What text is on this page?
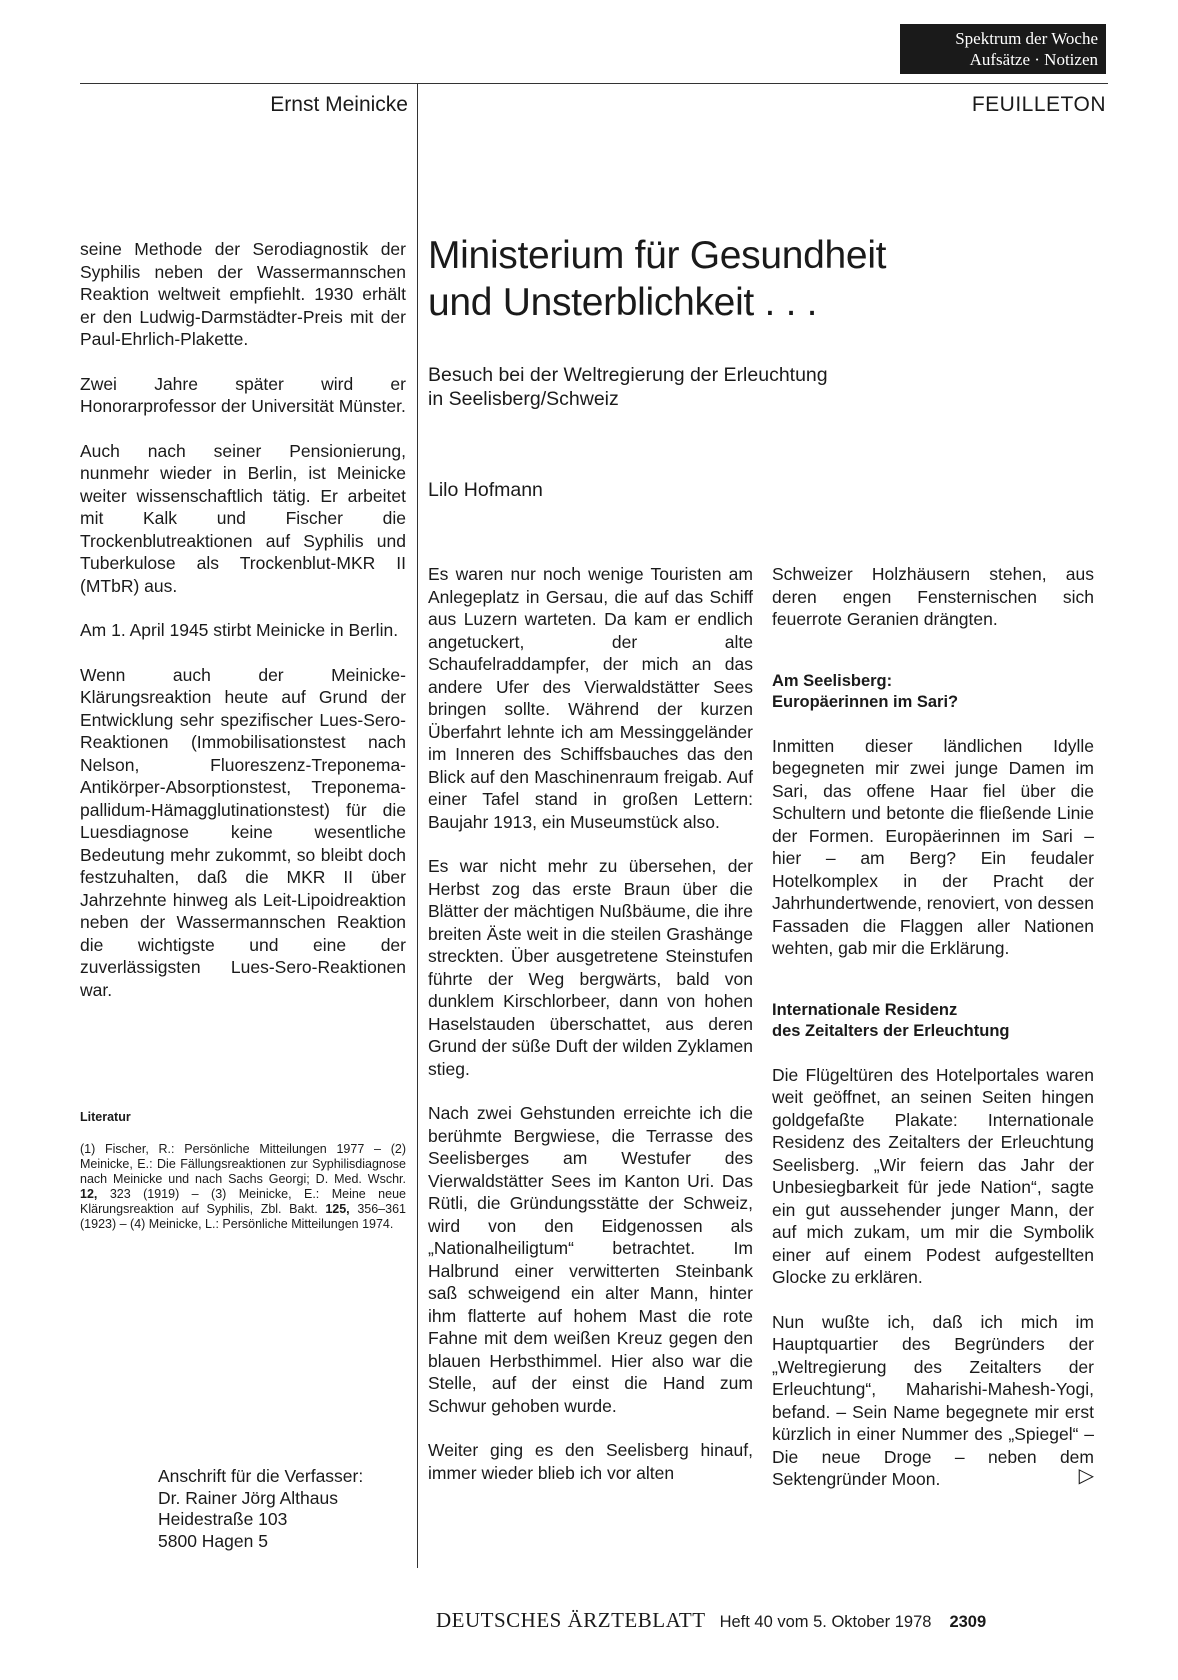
Spektrum der Woche
Aufsätze · Notizen
Ernst Meinicke	FEUILLETON

seine Methode der Serodiagnostik der Syphilis neben der Wassermannschen Reaktion weltweit empfiehlt. 1930 erhält er den Ludwig-Darmstädter-Preis mit der Paul-Ehrlich-Plakette.

Zwei Jahre später wird er Honorarprofessor der Universität Münster.

Auch nach seiner Pensionierung, nunmehr wieder in Berlin, ist Meinicke weiter wissenschaftlich tätig. Er arbeitet mit Kalk und Fischer die Trockenblutreaktionen auf Syphilis und Tuberkulose als Trockenblut-MKR II (MTbR) aus.

Am 1. April 1945 stirbt Meinicke in Berlin.

Wenn auch der Meinicke-Klärungsreaktion heute auf Grund der Entwicklung sehr spezifischer Lues-Sero-Reaktionen (Immobilisationstest nach Nelson, Fluoreszenz-Treponema-Antikörper-Absorptionstest, Treponema-pallidum-Hämagglutinationstest) für die Luesdiagnose keine wesentliche Bedeutung mehr zukommt, so bleibt doch festzuhalten, daß die MKR II über Jahrzehnte hinweg als Leit-Lipoidreaktion neben der Wassermannschen Reaktion die wichtigste und eine der zuverlässigsten Lues-Sero-Reaktionen war.

Literatur
(1) Fischer, R.: Persönliche Mitteilungen 1977 – (2) Meinicke, E.: Die Fällungsreaktionen zur Syphilisdiagnose nach Meinicke und nach Sachs Georgi; D. Med. Wschr. 12, 323 (1919) – (3) Meinicke, E.: Meine neue Klärungsreaktion auf Syphilis, Zbl. Bakt. 125, 356–361 (1923) – (4) Meinicke, L.: Persönliche Mitteilungen 1974.
Anschrift für die Verfasser:
Dr. Rainer Jörg Althaus
Heidestraße 103
5800 Hagen 5
Ministerium für Gesundheit
und Unsterblichkeit . . .
Besuch bei der Weltregierung der Erleuchtung
in Seelisberg/Schweiz
Lilo Hofmann

Es waren nur noch wenige Touristen am Anlegeplatz in Gersau, die auf das Schiff aus Luzern warteten. Da kam er endlich angetuckert, der alte Schaufelraddampfer, der mich an das andere Ufer des Vierwaldstätter Sees bringen sollte. Während der kurzen Überfahrt lehnte ich am Messinggeländer im Inneren des Schiffsbauches das den Blick auf den Maschinenraum freigab. Auf einer Tafel stand in großen Lettern: Baujahr 1913, ein Museumstück also.

Es war nicht mehr zu übersehen, der Herbst zog das erste Braun über die Blätter der mächtigen Nußbäume, die ihre breiten Äste weit in die steilen Grashänge streckten. Über ausgetretene Steinstufen führte der Weg bergwärts, bald von dunklem Kirschlorbeer, dann von hohen Haselstauden überschattet, aus deren Grund der süße Duft der wilden Zyklamen stieg.

Nach zwei Gehstunden erreichte ich die berühmte Bergwiese, die Terrasse des Seelisberges am Westufer des Vierwaldstätter Sees im Kanton Uri. Das Rütli, die Gründungsstätte der Schweiz, wird von den Eidgenossen als „Nationalheiligtum“ betrachtet. Im Halbrund einer verwitterten Steinbank saß schweigend ein alter Mann, hinter ihm flatterte auf hohem Mast die rote Fahne mit dem weißen Kreuz gegen den blauen Herbsthimmel. Hier also war die Stelle, auf der einst die Hand zum Schwur gehoben wurde.

Weiter ging es den Seelisberg hinauf, immer wieder blieb ich vor alten

Schweizer Holzhäusern stehen, aus deren engen Fensternischen sich feuerrote Geranien drängten.

Am Seelisberg:
Europäerinnen im Sari?

Inmitten dieser ländlichen Idylle begegneten mir zwei junge Damen im Sari, das offene Haar fiel über die Schultern und betonte die fließende Linie der Formen. Europäerinnen im Sari – hier – am Berg? Ein feudaler Hotelkomplex in der Pracht der Jahrhundertwende, renoviert, von dessen Fassaden die Flaggen aller Nationen wehten, gab mir die Erklärung.

Internationale Residenz
des Zeitalters der Erleuchtung

Die Flügeltüren des Hotelportales waren weit geöffnet, an seinen Seiten hingen goldgefaßte Plakate: Internationale Residenz des Zeitalters der Erleuchtung Seelisberg. „Wir feiern das Jahr der Unbesiegbarkeit für jede Nation“, sagte ein gut aussehender junger Mann, der auf mich zukam, um mir die Symbolik einer auf einem Podest aufgestellten Glocke zu erklären.

Nun wußte ich, daß ich mich im Hauptquartier des Begründers der „Weltregierung des Zeitalters der Erleuchtung“, Maharishi-Mahesh-Yogi, befand. – Sein Name begegnete mir erst kürzlich in einer Nummer des „Spiegel“ – Die neue Droge – neben dem Sektengründer Moon.	▷

DEUTSCHES ÄRZTEBLATT Heft 40 vom 5. Oktober 1978 2309
